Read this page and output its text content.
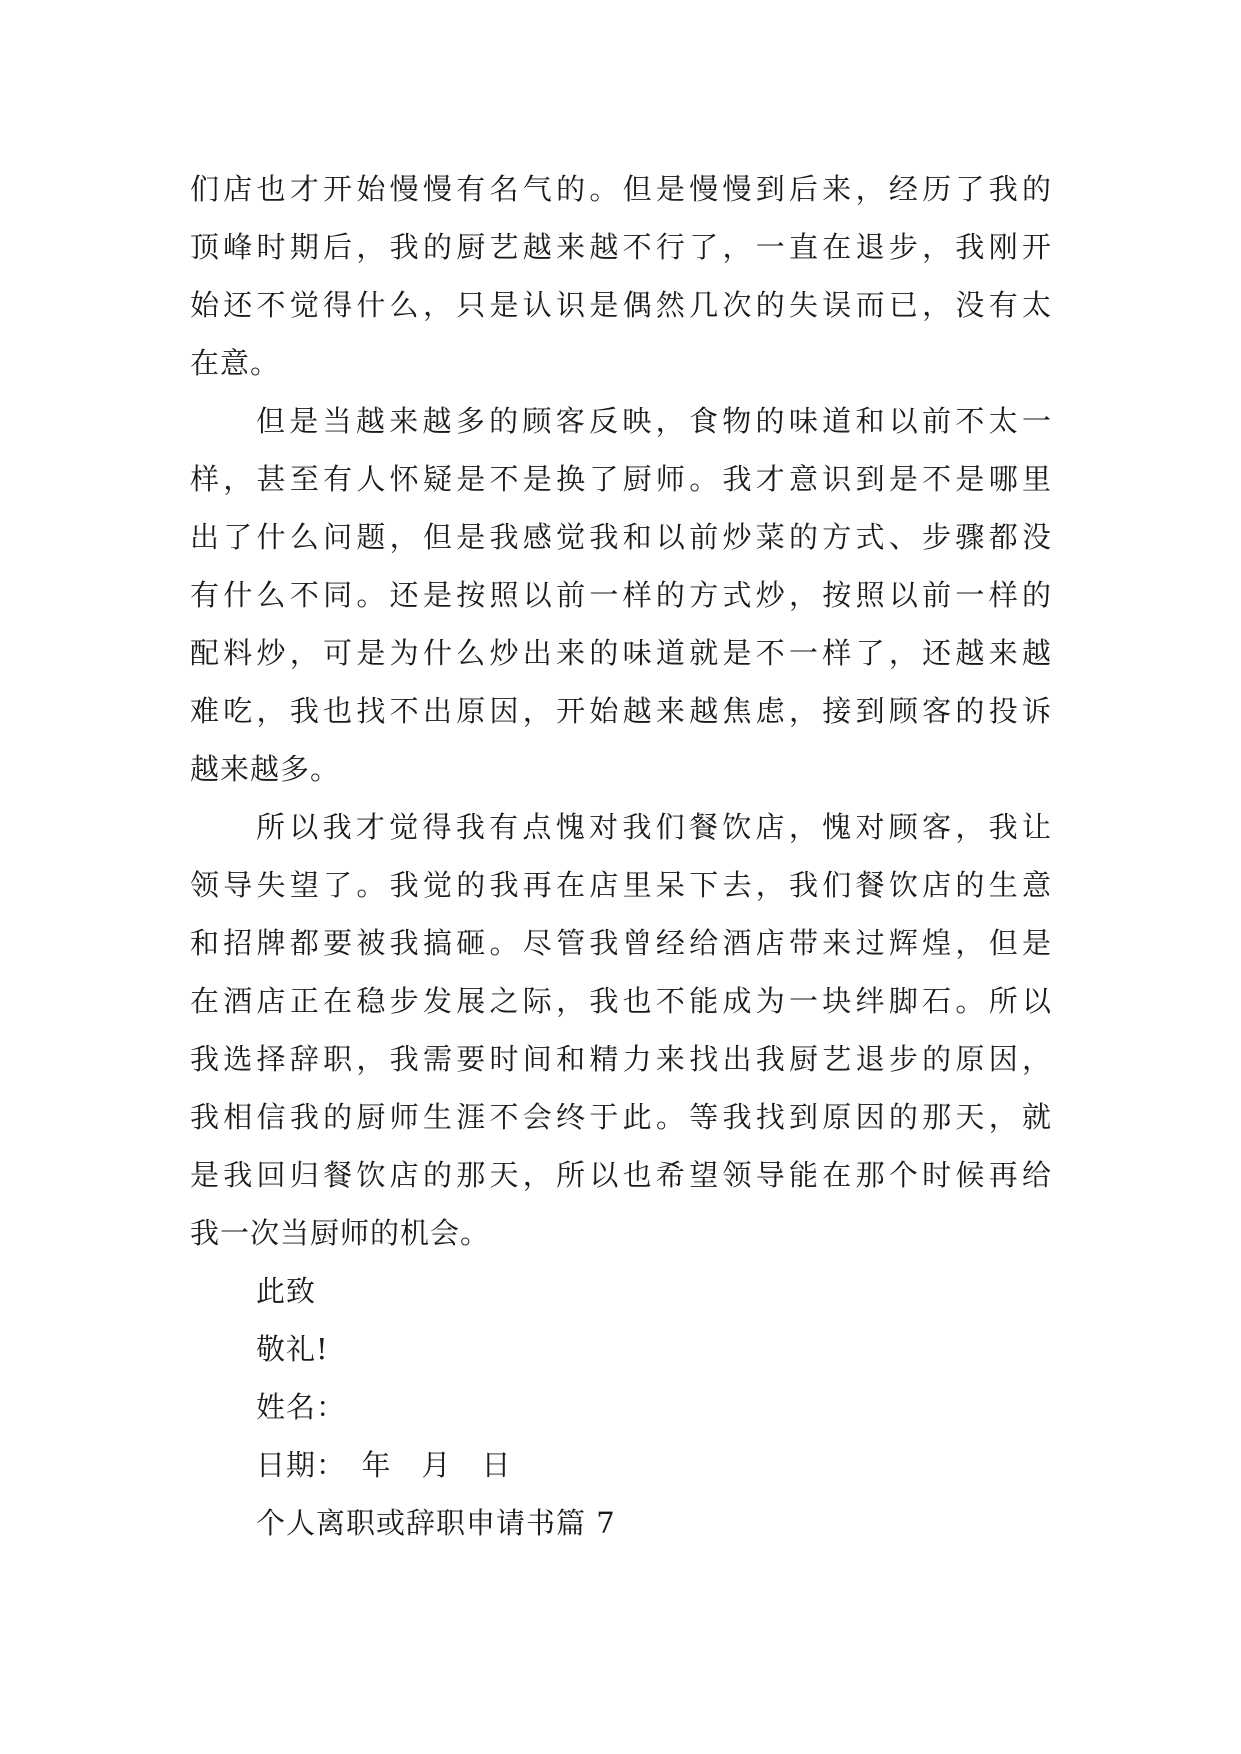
们店也才开始慢慢有名气的。但是慢慢到后来，经历了我的
顶峰时期后，我的厨艺越来越不行了，一直在退步，我刚开
始还不觉得什么，只是认识是偶然几次的失误而已，没有太
在意。
但是当越来越多的顾客反映，食物的味道和以前不太一
样，甚至有人怀疑是不是换了厨师。我才意识到是不是哪里
出了什么问题，但是我感觉我和以前炒菜的方式、步骤都没
有什么不同。还是按照以前一样的方式炒，按照以前一样的
配料炒，可是为什么炒出来的味道就是不一样了，还越来越
难吃，我也找不出原因，开始越来越焦虑，接到顾客的投诉
越来越多。
所以我才觉得我有点愧对我们餐饮店，愧对顾客，我让
领导失望了。我觉的我再在店里呆下去，我们餐饮店的生意
和招牌都要被我搞砸。尽管我曾经给酒店带来过辉煌，但是
在酒店正在稳步发展之际，我也不能成为一块绊脚石。所以
我选择辞职，我需要时间和精力来找出我厨艺退步的原因，
我相信我的厨师生涯不会终于此。等我找到原因的那天，就
是我回归餐饮店的那天，所以也希望领导能在那个时候再给
我一次当厨师的机会。
此致
敬礼!
姓名：
日期：　年　月　日
个人离职或辞职申请书篇 7
